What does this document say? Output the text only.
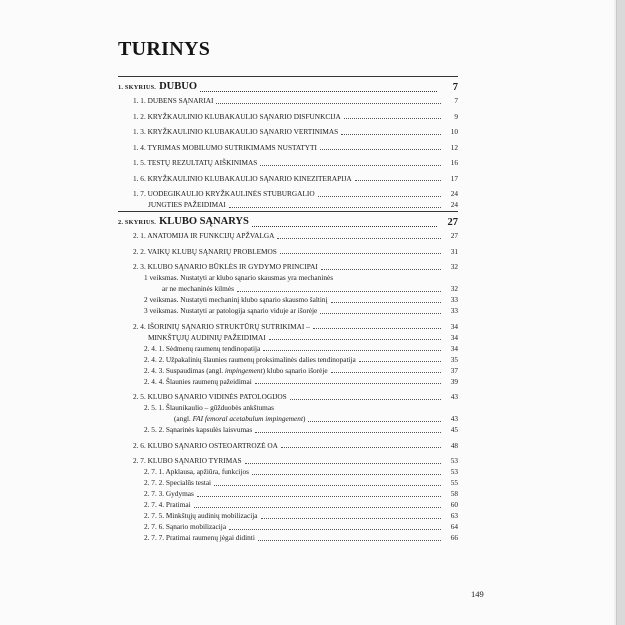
TURINYS
1. SKYRIUS. DUBUO	7
1. 1. DUBENS SĄNARIAI	7
1. 2. KRYŽKAULINIO KLUBAKAULIO SĄNARIO DISFUNKCIJA	9
1. 3. KRYŽKAULINIO KLUBAKAULIO SĄNARIO VERTINIMAS	10
1. 4. TYRIMAS MOBILUMO SUTRIKIMAMS NUSTATYTI	12
1. 5. TESTŲ REZULTATŲ AIŠKINIMAS	16
1. 6. KRYŽKAULINIO KLUBAKAULIO SĄNARIO KINEZITERAPIJA	17
1. 7. UODEGIKAULIO KRYŽKAULINĖS STUBURGALIO	24
JUNGTIES PAŽEIDIMAI	24
2. SKYRIUS. KLUBO SĄNARYS	27
2. 1. ANATOMIJA IR FUNKCIJŲ APŽVALGA	27
2. 2. VAIKŲ KLUBŲ SĄNARIŲ PROBLEMOS	31
2. 3. KLUBO SĄNARIO BŪKLĖS IR GYDYMO PRINCIPAI	32
1 veiksmas. Nustatyti ar klubo sąnario skausmas yra mechaninės
ar ne mechaninės kilmės	32
2 veiksmas. Nustatyti mechaninį klubo sąnario skausmo šaltinį	33
3 veiksmas. Nustatyti ar patologija sąnario viduje ar išorėje	33
2. 4. IŠORINIŲ SĄNARIO STRUKTŪRŲ SUTRIKIMAI –	34
MINKŠTŲJŲ AUDINIŲ PAŽEIDIMAI	34
2. 4. 1. Sėdmenų raumenų tendinopatija	34
2. 4. 2. Užpakalinių šlaunies raumenų proksimalinės dalies tendinopatija	35
2. 4. 3. Suspaudimas (angl. impingement) klubo sąnario išorėje	37
2. 4. 4. Šlaunies raumenų pažeidimai	39
2. 5. KLUBO SĄNARIO VIDINĖS PATOLOGIJOS	43
2. 5. 1. Šlaunikaulio – gūžduobės ankštumas
(angl. FAI femoral acetabulum impingement)	43
2. 5. 2. Sąnarinės kapsulės laisvumas	45
2. 6. KLUBO SĄNARIO OSTEOARTROZĖ OA	48
2. 7. KLUBO SĄNARIO TYRIMAS	53
2. 7. 1. Apklausa, apžiūra, funkcijos	53
2. 7. 2. Specialūs testai	55
2. 7. 3. Gydymas	58
2. 7. 4. Pratimai	60
2. 7. 5. Minkštųjų audinių mobilizacija	63
2. 7. 6. Sąnario mobilizacija	64
2. 7. 7. Pratimai raumenų jėgai didinti	66
149
